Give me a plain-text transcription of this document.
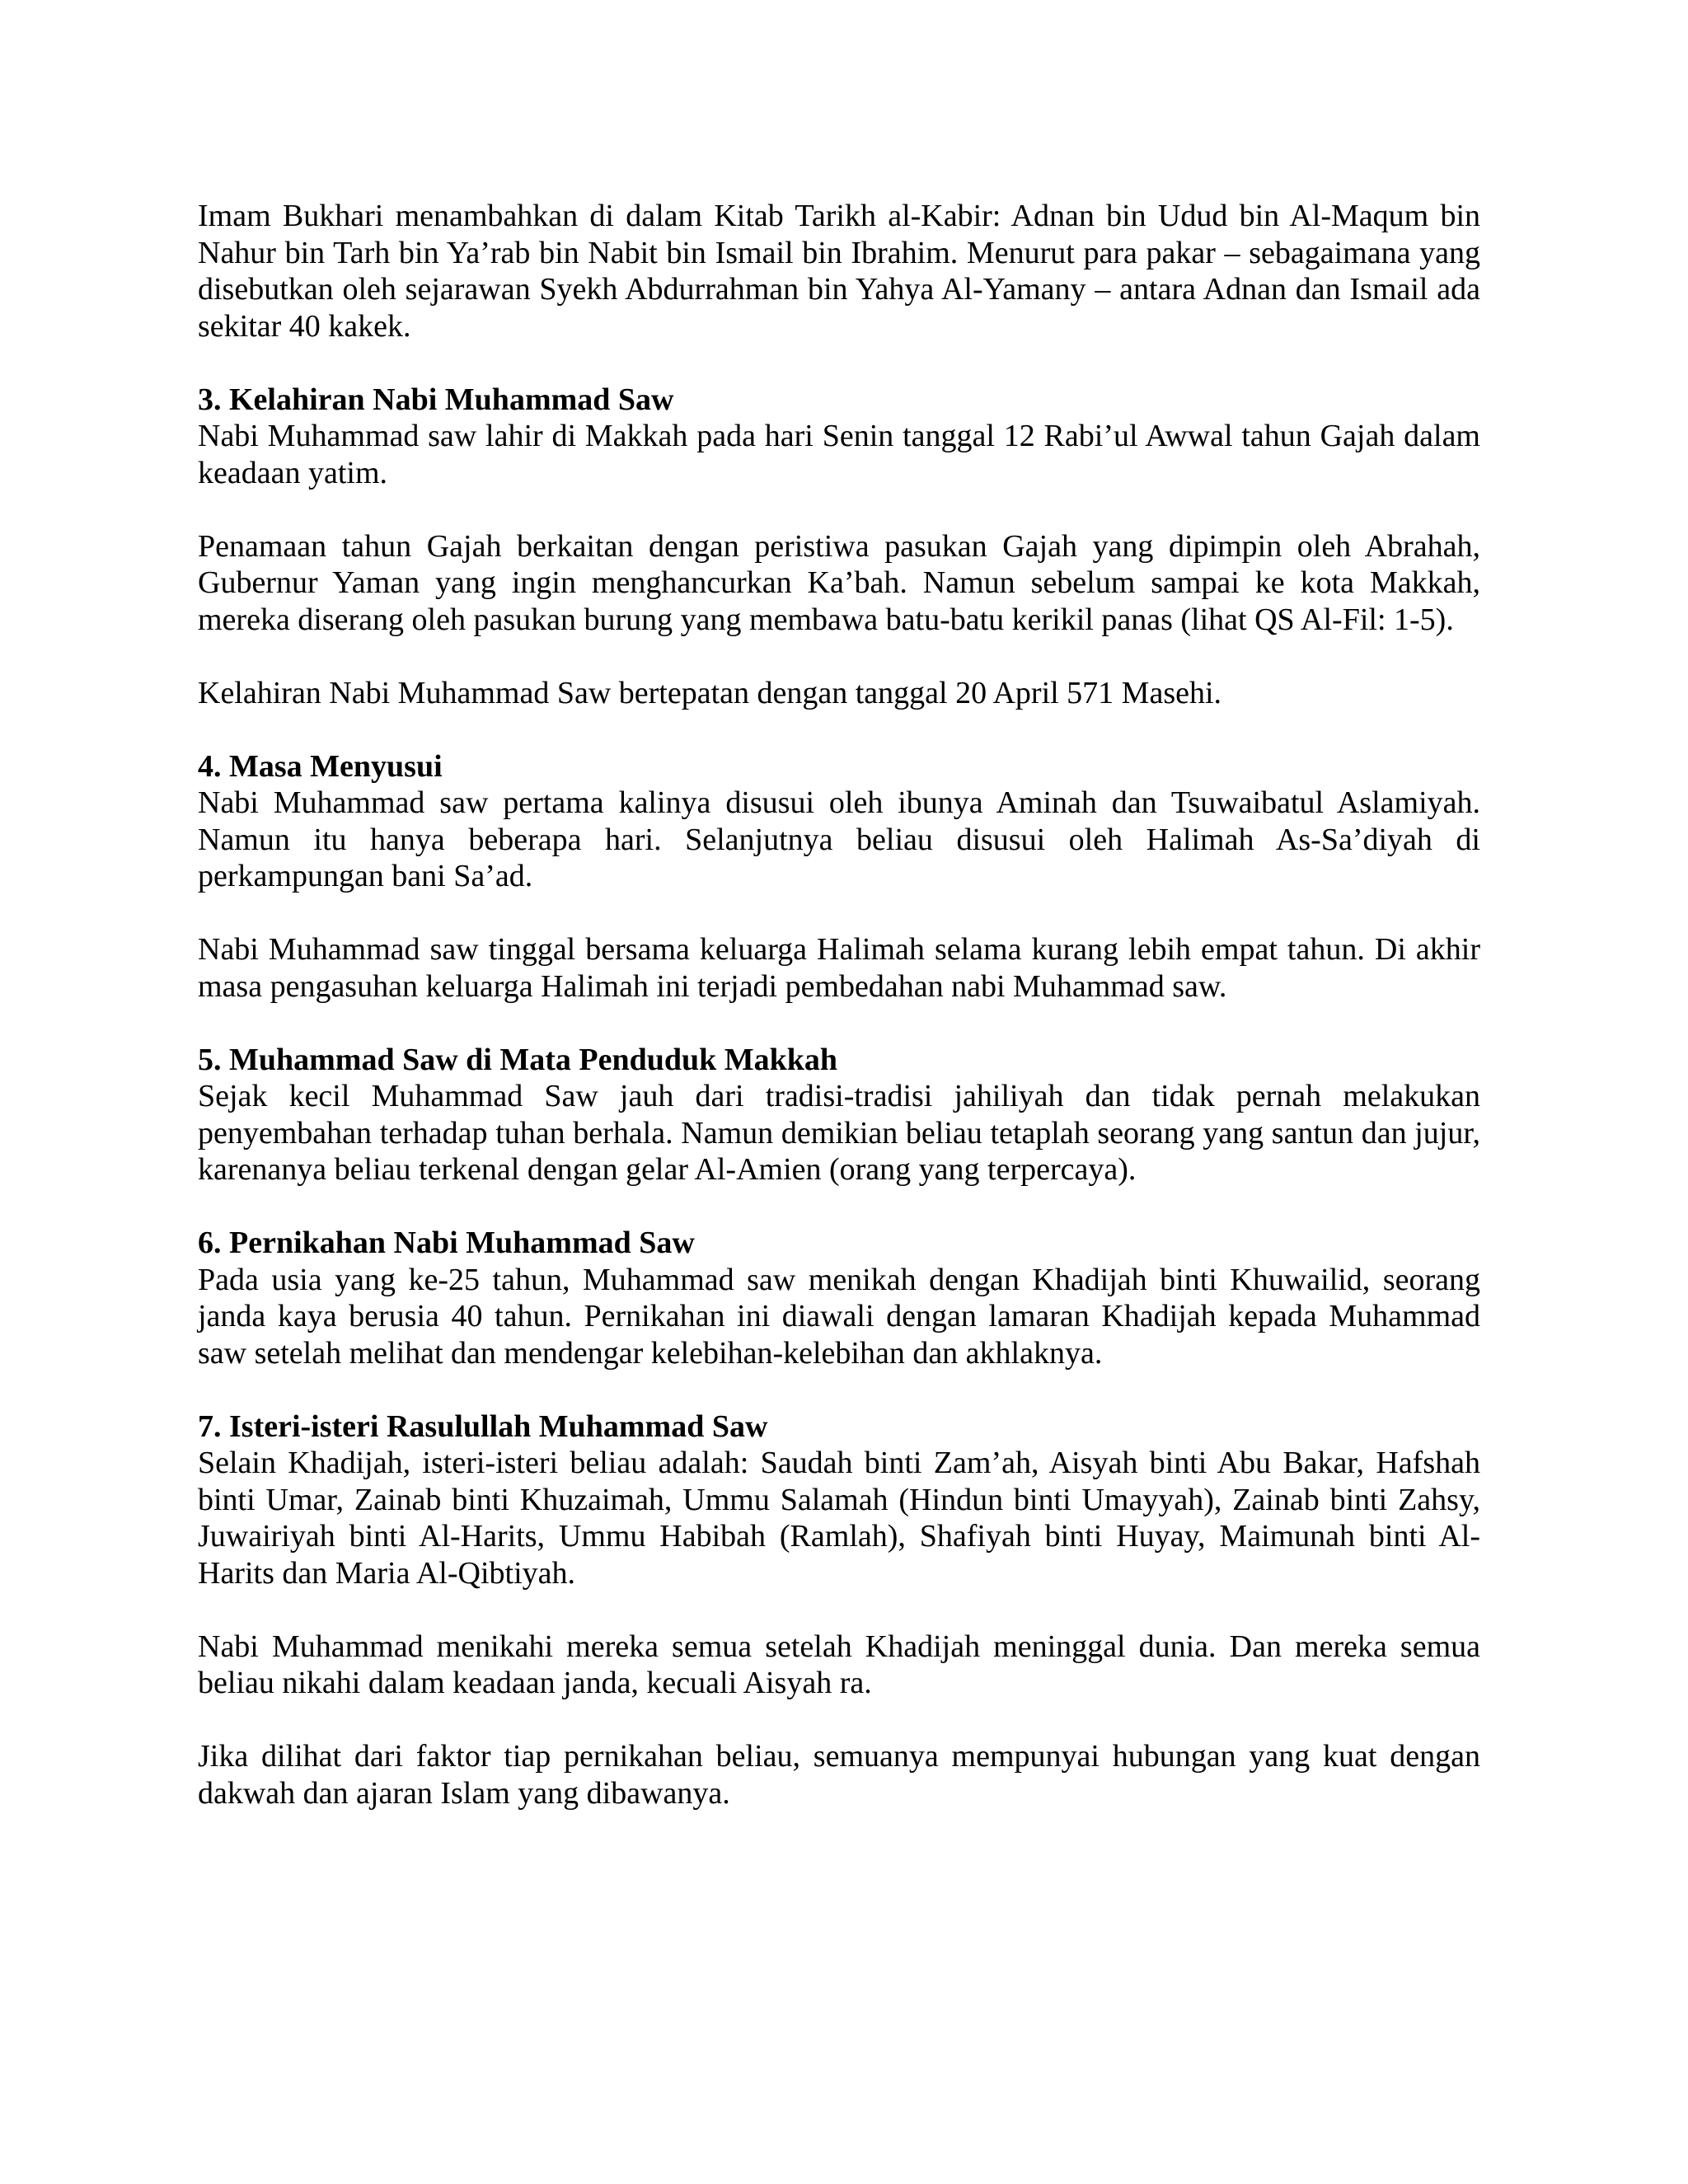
Imam Bukhari menambahkan di dalam Kitab Tarikh al-Kabir: Adnan bin Udud bin Al-Maqum bin Nahur bin Tarh bin Ya’rab bin Nabit bin Ismail bin Ibrahim. Menurut para pakar – sebagaimana yang disebutkan oleh sejarawan Syekh Abdurrahman bin Yahya Al-Yamany – antara Adnan dan Ismail ada sekitar 40 kakek.

3. Kelahiran Nabi Muhammad Saw

Nabi Muhammad saw lahir di Makkah pada hari Senin tanggal 12 Rabi’ul Awwal tahun Gajah dalam keadaan yatim.

Penamaan tahun Gajah berkaitan dengan peristiwa pasukan Gajah yang dipimpin oleh Abrahah, Gubernur Yaman yang ingin menghancurkan Ka’bah. Namun sebelum sampai ke kota Makkah, mereka diserang oleh pasukan burung yang membawa batu-batu kerikil panas (lihat QS Al-Fil: 1-5).

Kelahiran Nabi Muhammad Saw bertepatan dengan tanggal 20 April 571 Masehi.

4. Masa Menyusui

Nabi Muhammad saw pertama kalinya disusui oleh ibunya Aminah dan Tsuwaibatul Aslamiyah. Namun itu hanya beberapa hari. Selanjutnya beliau disusui oleh Halimah As-Sa’diyah di perkampungan bani Sa’ad.

Nabi Muhammad saw tinggal bersama keluarga Halimah selama kurang lebih empat tahun. Di akhir masa pengasuhan keluarga Halimah ini terjadi pembedahan nabi Muhammad saw.

5. Muhammad Saw di Mata Penduduk Makkah

Sejak kecil Muhammad Saw jauh dari tradisi-tradisi jahiliyah dan tidak pernah melakukan penyembahan terhadap tuhan berhala. Namun demikian beliau tetaplah seorang yang santun dan jujur, karenanya beliau terkenal dengan gelar Al-Amien (orang yang terpercaya).

6. Pernikahan Nabi Muhammad Saw

Pada usia yang ke-25 tahun, Muhammad saw menikah dengan Khadijah binti Khuwailid, seorang janda kaya berusia 40 tahun. Pernikahan ini diawali dengan lamaran Khadijah kepada Muhammad saw setelah melihat dan mendengar kelebihan-kelebihan dan akhlaknya.

7. Isteri-isteri Rasulullah Muhammad Saw

Selain Khadijah, isteri-isteri beliau adalah: Saudah binti Zam’ah, Aisyah binti Abu Bakar, Hafshah binti Umar, Zainab binti Khuzaimah, Ummu Salamah (Hindun binti Umayyah), Zainab binti Zahsy, Juwairiyah binti Al-Harits, Ummu Habibah (Ramlah), Shafiyah binti Huyay, Maimunah binti Al-Harits dan Maria Al-Qibtiyah.

Nabi Muhammad menikahi mereka semua setelah Khadijah meninggal dunia. Dan mereka semua beliau nikahi dalam keadaan janda, kecuali Aisyah ra.

Jika dilihat dari faktor tiap pernikahan beliau, semuanya mempunyai hubungan yang kuat dengan dakwah dan ajaran Islam yang dibawanya.
